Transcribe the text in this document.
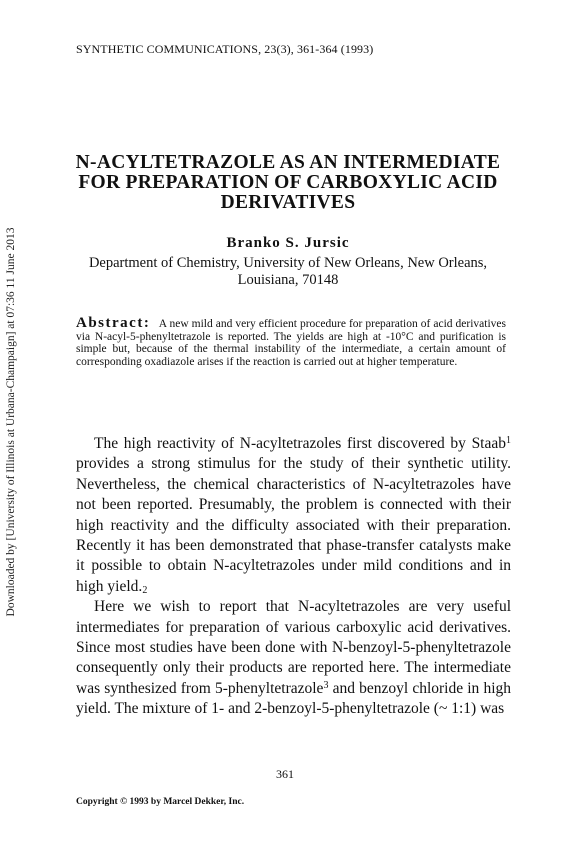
Downloaded by [University of Illinois at Urbana-Champaign] at 07:36 11 June 2013
SYNTHETIC COMMUNICATIONS, 23(3), 361-364 (1993)
N-ACYLTETRAZOLE AS AN INTERMEDIATE FOR PREPARATION OF CARBOXYLIC ACID DERIVATIVES
Branko S. Jursic
Department of Chemistry, University of New Orleans, New Orleans, Louisiana, 70148
Abstract: A new mild and very efficient procedure for preparation of acid derivatives via N-acyl-5-phenyltetrazole is reported. The yields are high at -10°C and purification is simple but, because of the thermal instability of the intermediate, a certain amount of corresponding oxadiazole arises if the reaction is carried out at higher temperature.

The high reactivity of N-acyltetrazoles first discovered by Staab$^1$ provides a strong stimulus for the study of their synthetic utility. Nevertheless, the chemical characteristics of N-acyltetrazoles have not been reported. Presumably, the problem is connected with their high reactivity and the difficulty associated with their preparation. Recently it has been demonstrated that phase-transfer catalysts make it possible to obtain N-acyltetrazoles under mild conditions and in high $yield._2$

Here we wish to report that N-acyltetrazoles are very useful intermediates for preparation of various carboxylic acid derivatives. Since most studies have been done with N-benzoyl-5-phenyltetrazole consequently only their products are reported here. The intermediate was synthesized from 5-phenyltetrazole$^3$ and benzoyl chloride in high yield. The mixture of 1- and 2-benzoyl-5-phenyltetrazole (~ 1:1) was

361
Copyright © 1993 by Marcel Dekker, Inc.
